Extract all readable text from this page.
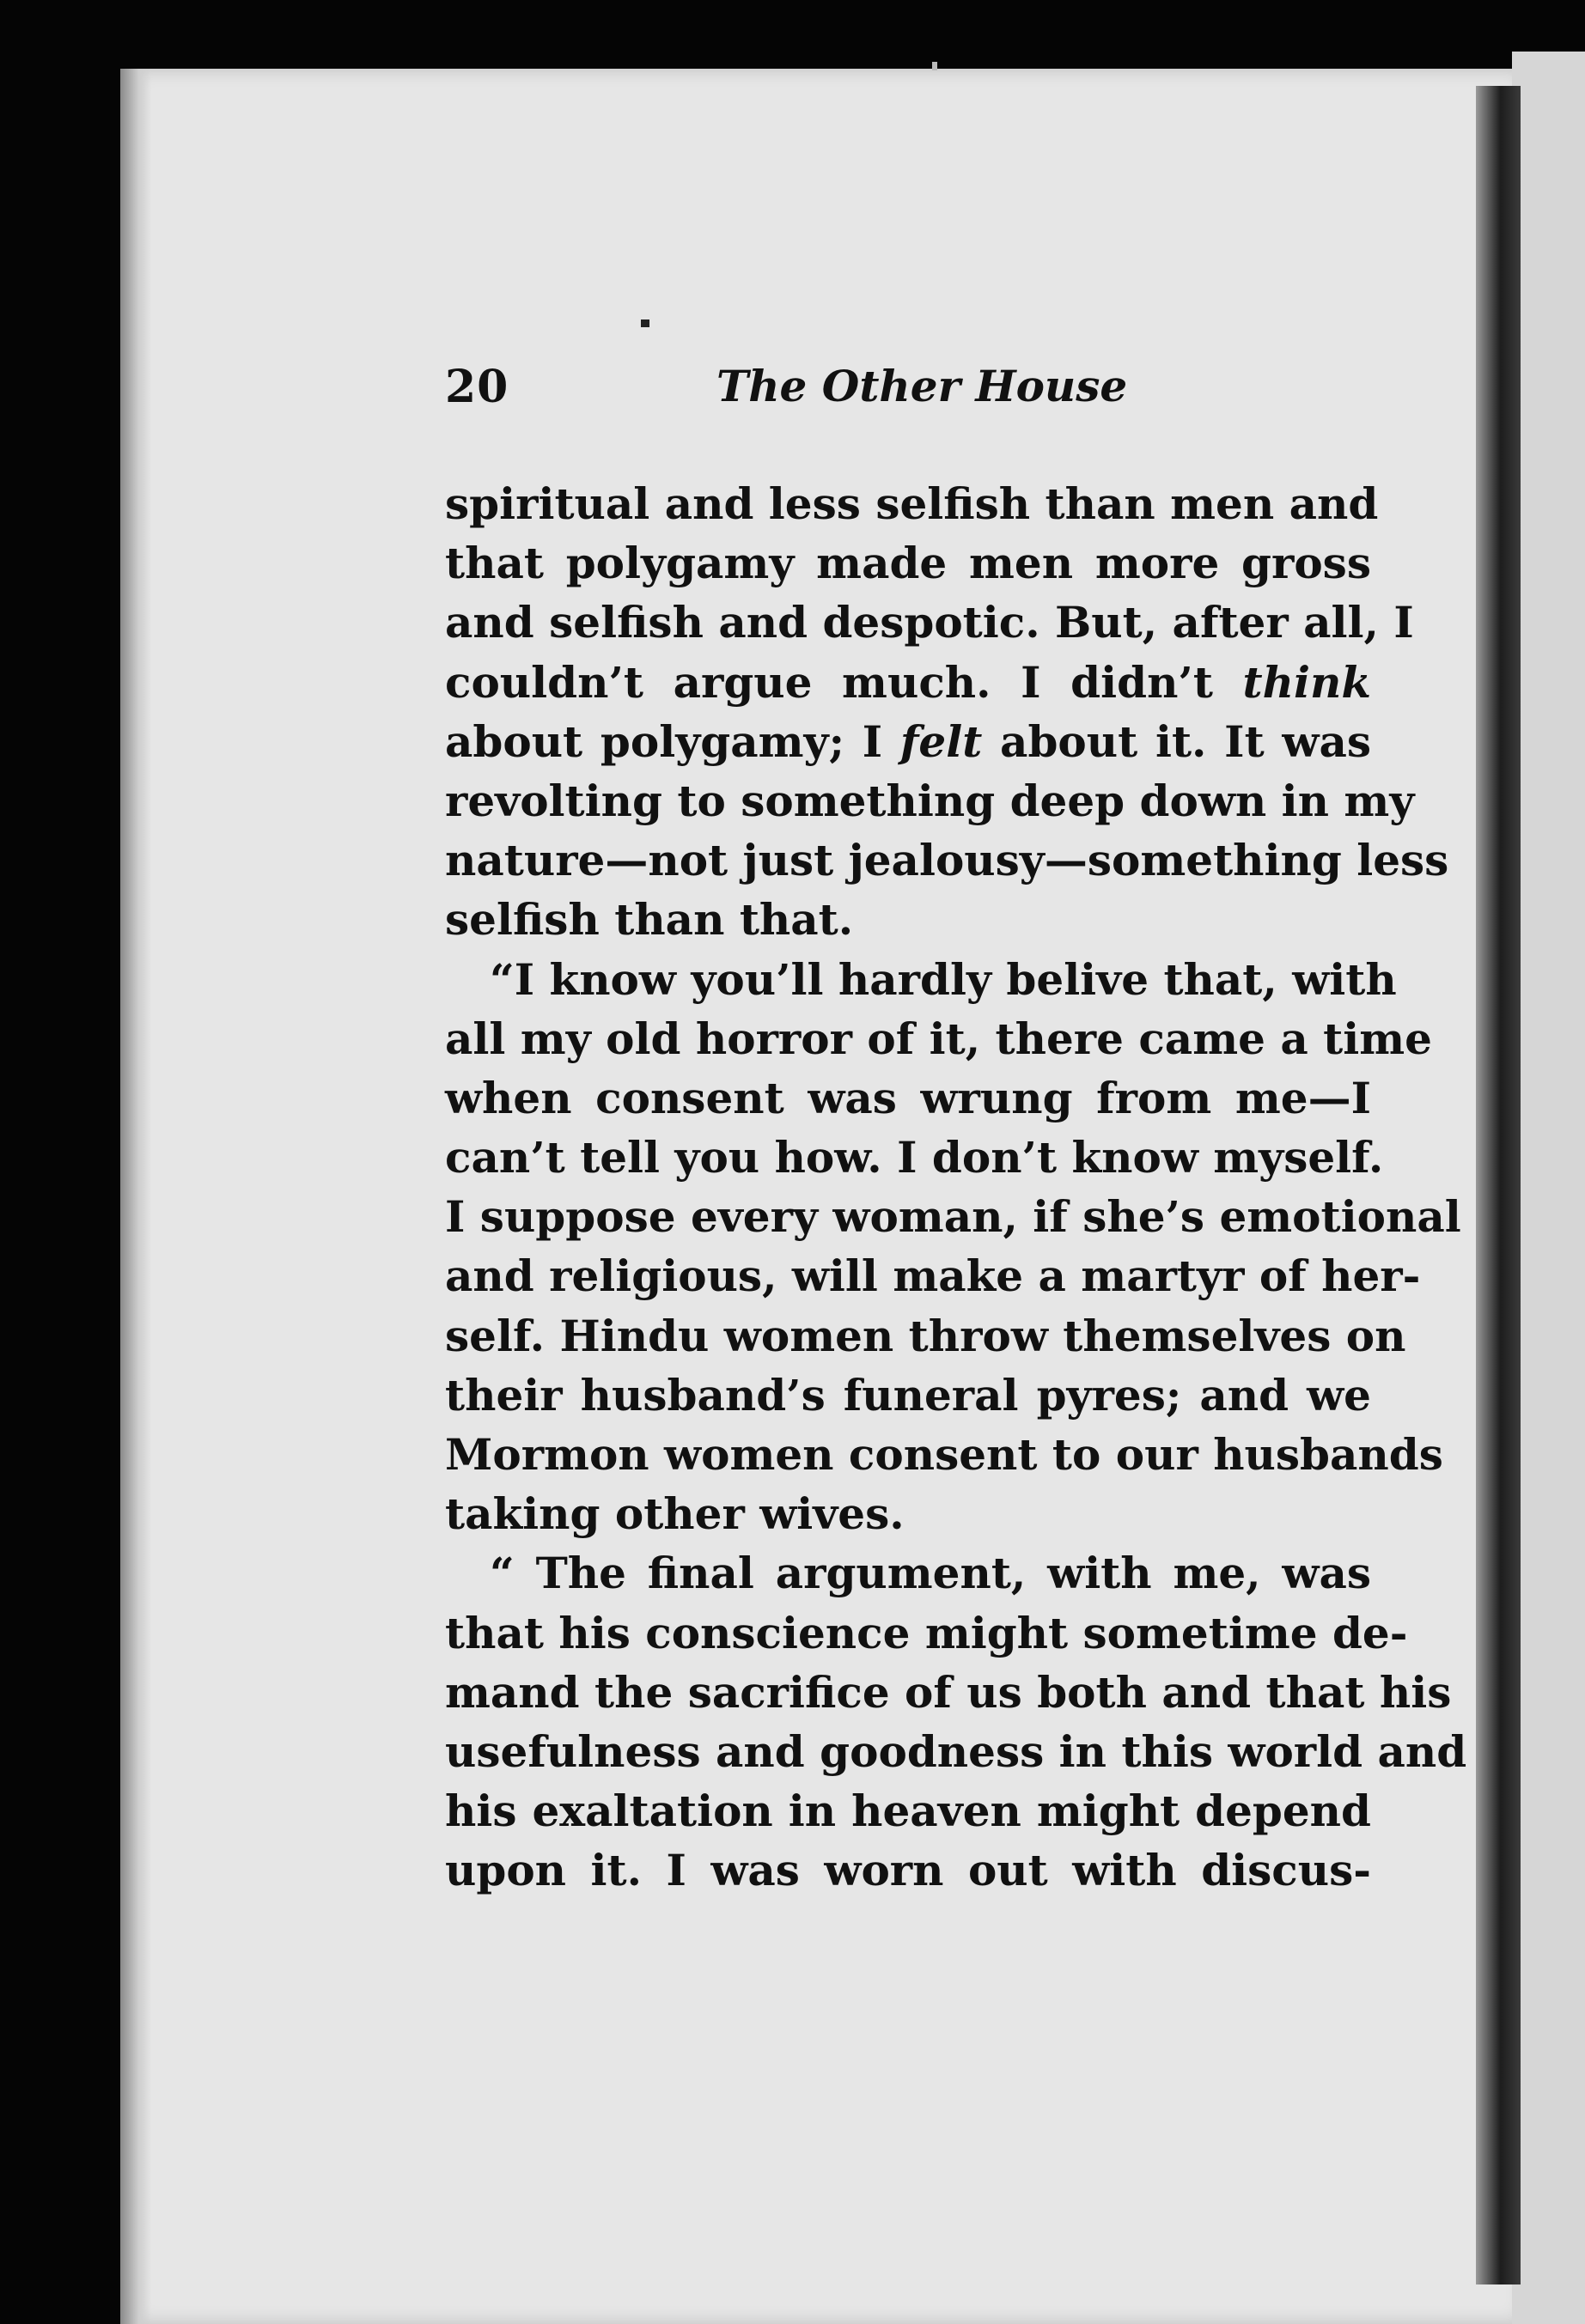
20	The Other House
spiritual and less selfish than men and
that polygamy made men more gross
and selfish and despotic. But, after all, I
couldn’t argue much. I didn’t think
about polygamy; I felt about it. It was
revolting to something deep down in my
nature—not just jealousy—something less
selfish than that.
“I know you’ll hardly belive that, with
all my old horror of it, there came a time
when consent was wrung from me—I
can’t tell you how. I don’t know myself.
I suppose every woman, if she’s emotional
and religious, will make a martyr of her-
self. Hindu women throw themselves on
their husband’s funeral pyres; and we
Mormon women consent to our husbands
taking other wives.
“ The final argument, with me, was
that his conscience might sometime de-
mand the sacrifice of us both and that his
usefulness and goodness in this world and
his exaltation in heaven might depend
upon it. I was worn out with discus-
